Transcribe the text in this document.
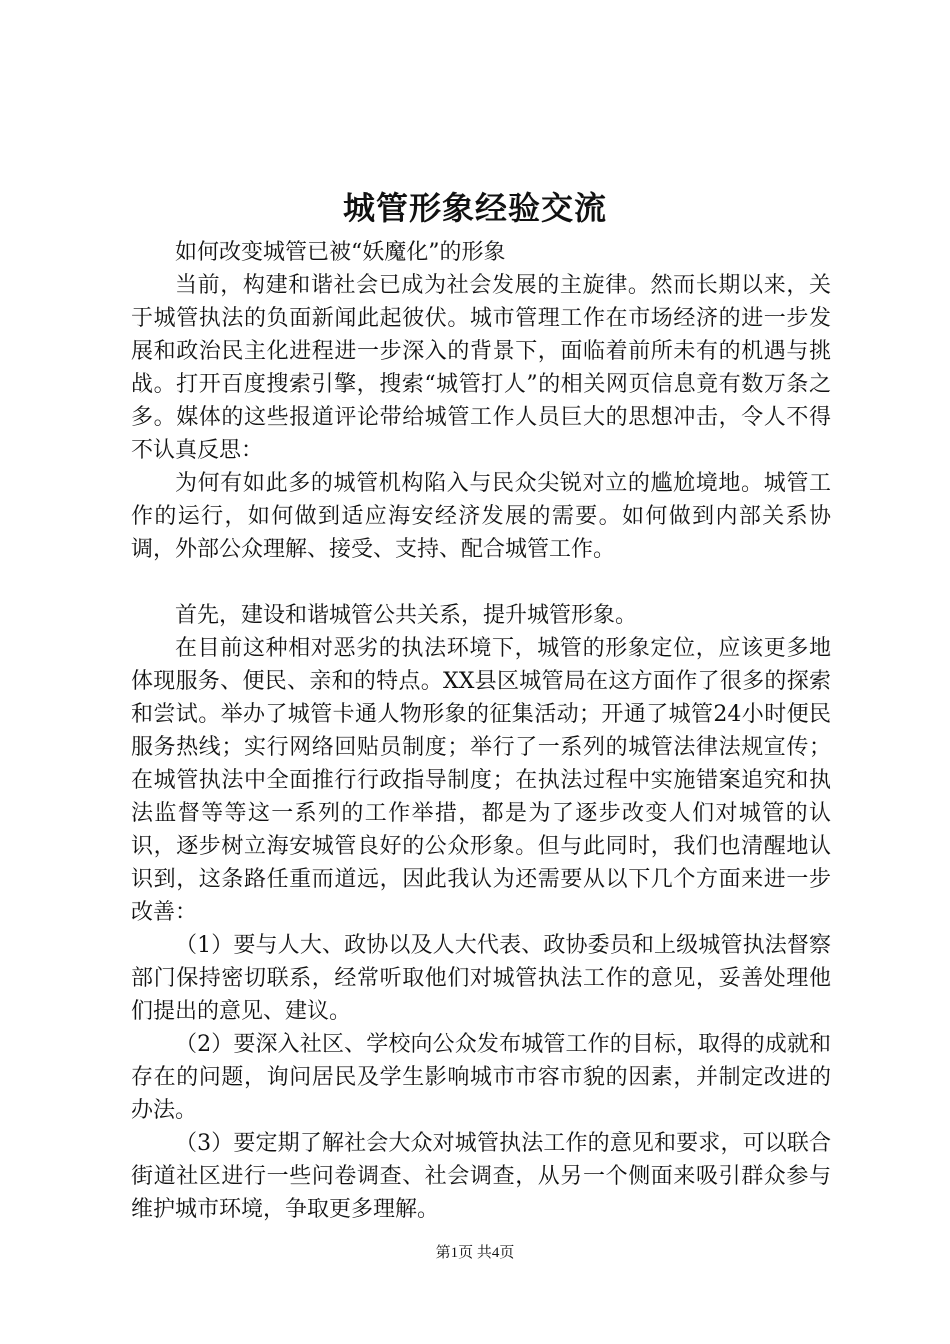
城管形象经验交流

如何改变城管已被“妖魔化”的形象

当前，构建和谐社会已成为社会发展的主旋律。然而长期以来，关于城管执法的负面新闻此起彼伏。城市管理工作在市场经济的进一步发展和政治民主化进程进一步深入的背景下，面临着前所未有的机遇与挑战。打开百度搜索引擎，搜索“城管打人”的相关网页信息竟有数万条之多。媒体的这些报道评论带给城管工作人员巨大的思想冲击，令人不得不认真反思：

为何有如此多的城管机构陷入与民众尖锐对立的尴尬境地。城管工作的运行，如何做到适应海安经济发展的需要。如何做到内部关系协调，外部公众理解、接受、支持、配合城管工作。

首先，建设和谐城管公共关系，提升城管形象。

在目前这种相对恶劣的执法环境下，城管的形象定位，应该更多地体现服务、便民、亲和的特点。XX县区城管局在这方面作了很多的探索和尝试。举办了城管卡通人物形象的征集活动；开通了城管24小时便民服务热线；实行网络回贴员制度；举行了一系列的城管法律法规宣传；在城管执法中全面推行行政指导制度；在执法过程中实施错案追究和执法监督等等这一系列的工作举措，都是为了逐步改变人们对城管的认识，逐步树立海安城管良好的公众形象。但与此同时，我们也清醒地认识到，这条路任重而道远，因此我认为还需要从以下几个方面来进一步改善：

（1）要与人大、政协以及人大代表、政协委员和上级城管执法督察部门保持密切联系，经常听取他们对城管执法工作的意见，妥善处理他们提出的意见、建议。

（2）要深入社区、学校向公众发布城管工作的目标，取得的成就和存在的问题，询问居民及学生影响城市市容市貌的因素，并制定改进的办法。

（3）要定期了解社会大众对城管执法工作的意见和要求，可以联合街道社区进行一些问卷调查、社会调查，从另一个侧面来吸引群众参与维护城市环境，争取更多理解。

第1页 共4页
